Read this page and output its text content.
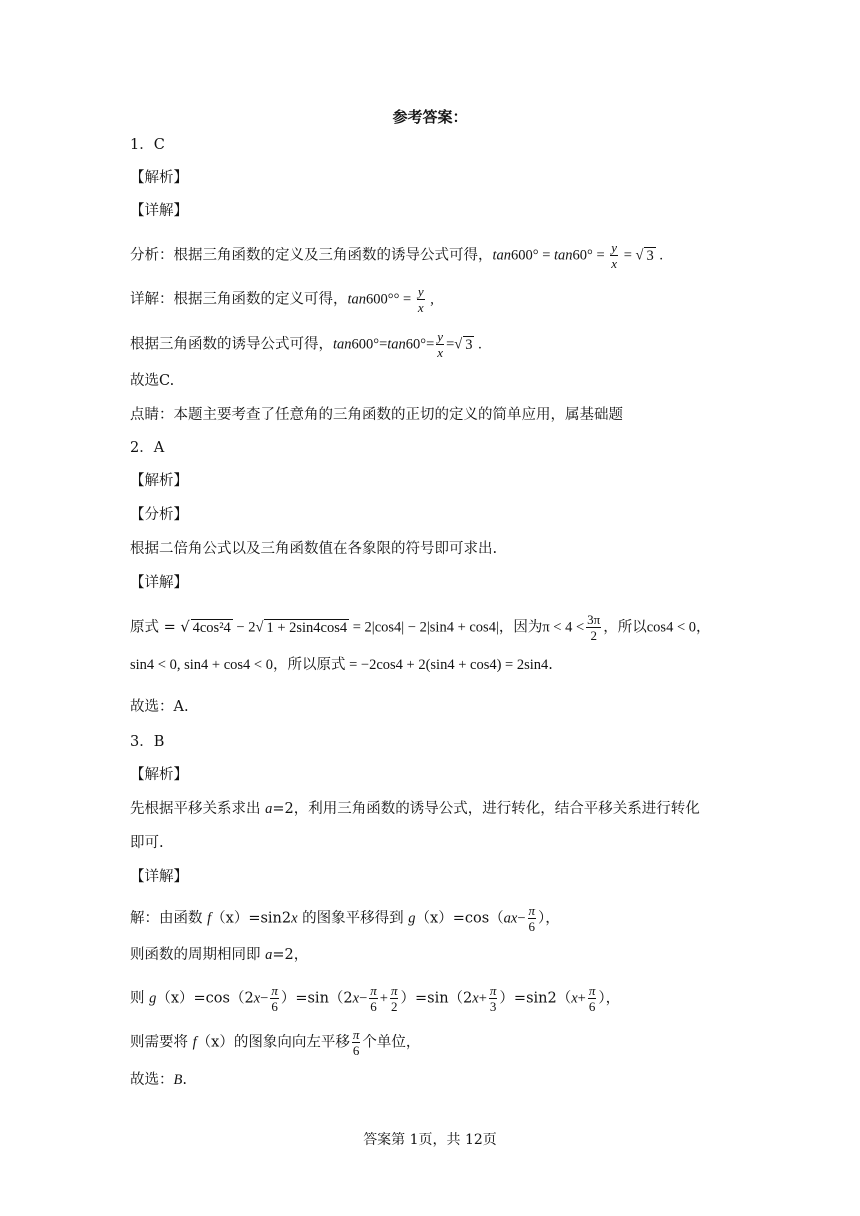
参考答案：
1．C
【解析】
【详解】
分析：根据三角函数的定义及三角函数的诱导公式可得，$\tan 600^\circ = \tan 60^\circ = \frac{y}{x}$ = √ 3 .
详解：根据三角函数的定义可得，$\tan 600^\circ^\circ = \frac{y}{x}$ ,
根据三角函数的诱导公式可得，$\tan 600^\circ=\tan 60^\circ= \frac{y}{x}$ =√ 3 .
故选C.
点睛：本题主要考查了任意角的三角函数的正切的定义的简单应用，属基础题
2．A
【解析】
【分析】
根据二倍角公式以及三角函数值在各象限的符号即可求出.
【详解】
原式 = √ 4cos²4 − 2√ 1 + 2sin4cos4 = 2|cos4| − 2|sin4 + cos4|，因为$\pi < 4 < \frac{3\pi}{2}$ ，所以cos4 < 0，
sin4 < 0, sin4 + cos4 < 0，所以原式 = −2cos4 + 2(sin4 + cos4) = 2sin4.
故选：A.
3．B
【解析】
先根据平移关系求出 a=2，利用三角函数的诱导公式，进行转化，结合平移关系进行转化
即可.
【详解】
解：由函数 f（x）=sin2x 的图象平移得到 $g(x)=\cos(ax- \frac{\pi}{6}$ ），
则函数的周期相同即 a=2，
则 $g(x)=\cos(2x- \frac{\pi}{6} )=\sin(2x- \frac{\pi}{6} + \frac{\pi}{2} )=\sin(2x+ \frac{\pi}{3} )=\sin 2(x+ \frac{\pi}{6}$ ），
则需要将 f（x）的图象向向左平移 $\frac{\pi}{6}$ 个单位，
故选：B.
答案第 1页，共 12页
